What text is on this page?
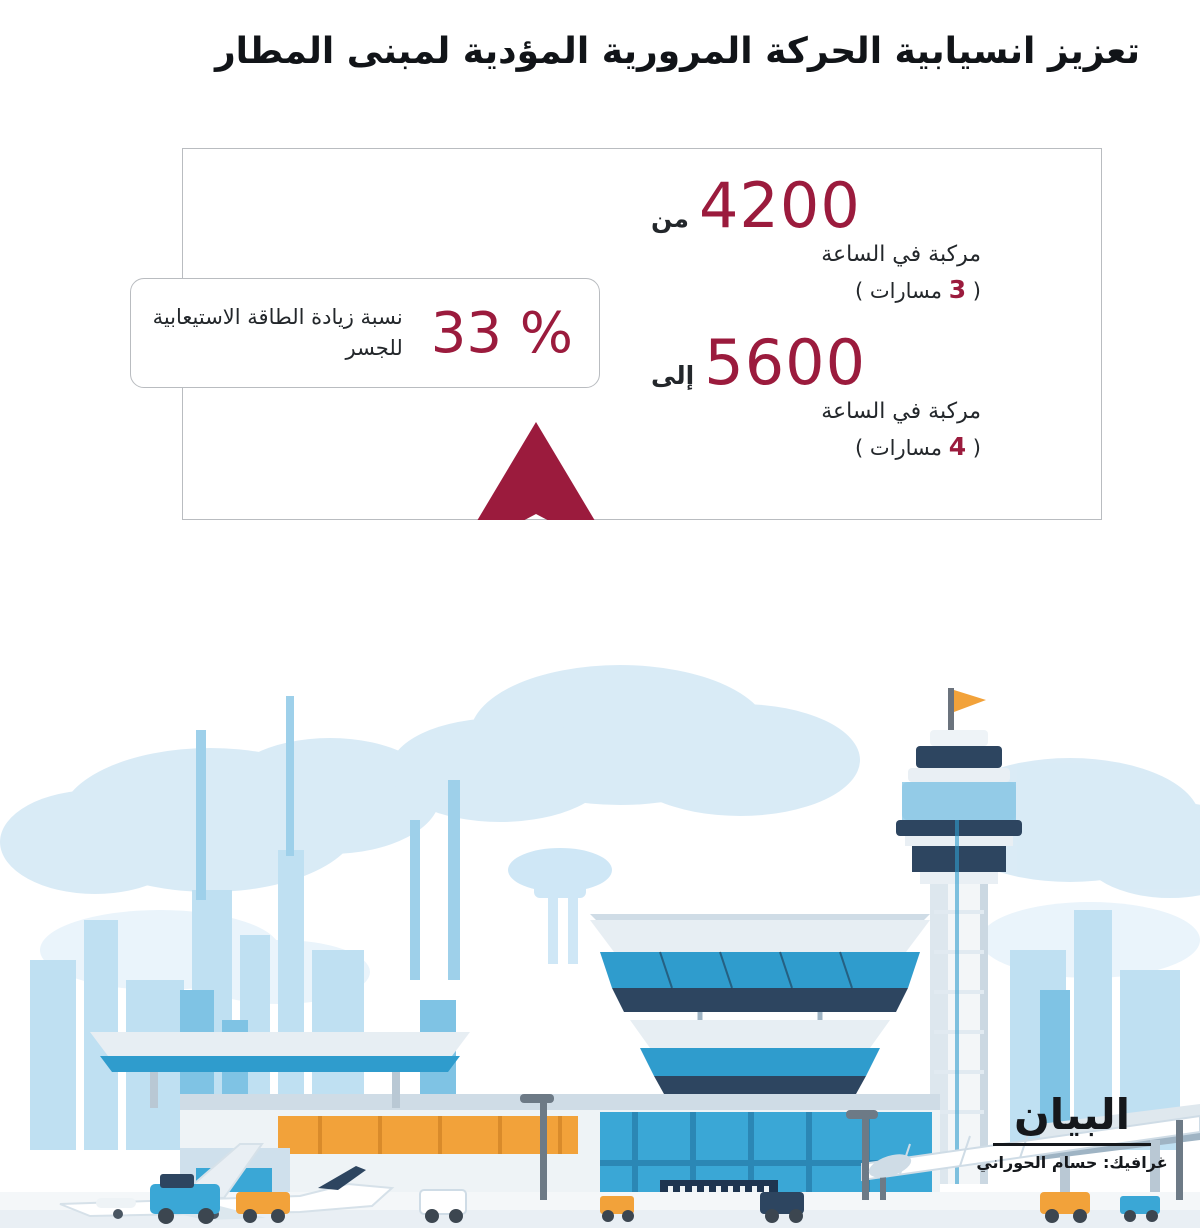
تعزيز انسيابية الحركة المرورية المؤدية لمبنى المطار
من 4200
مركبة في الساعة
( 3 مسارات )
إلى 5600
مركبة في الساعة
( 4 مسارات )
33 %
نسبة زيادة الطاقة الاستيعابية للجسر
البيان
غرافيك: حسام الحوراني
